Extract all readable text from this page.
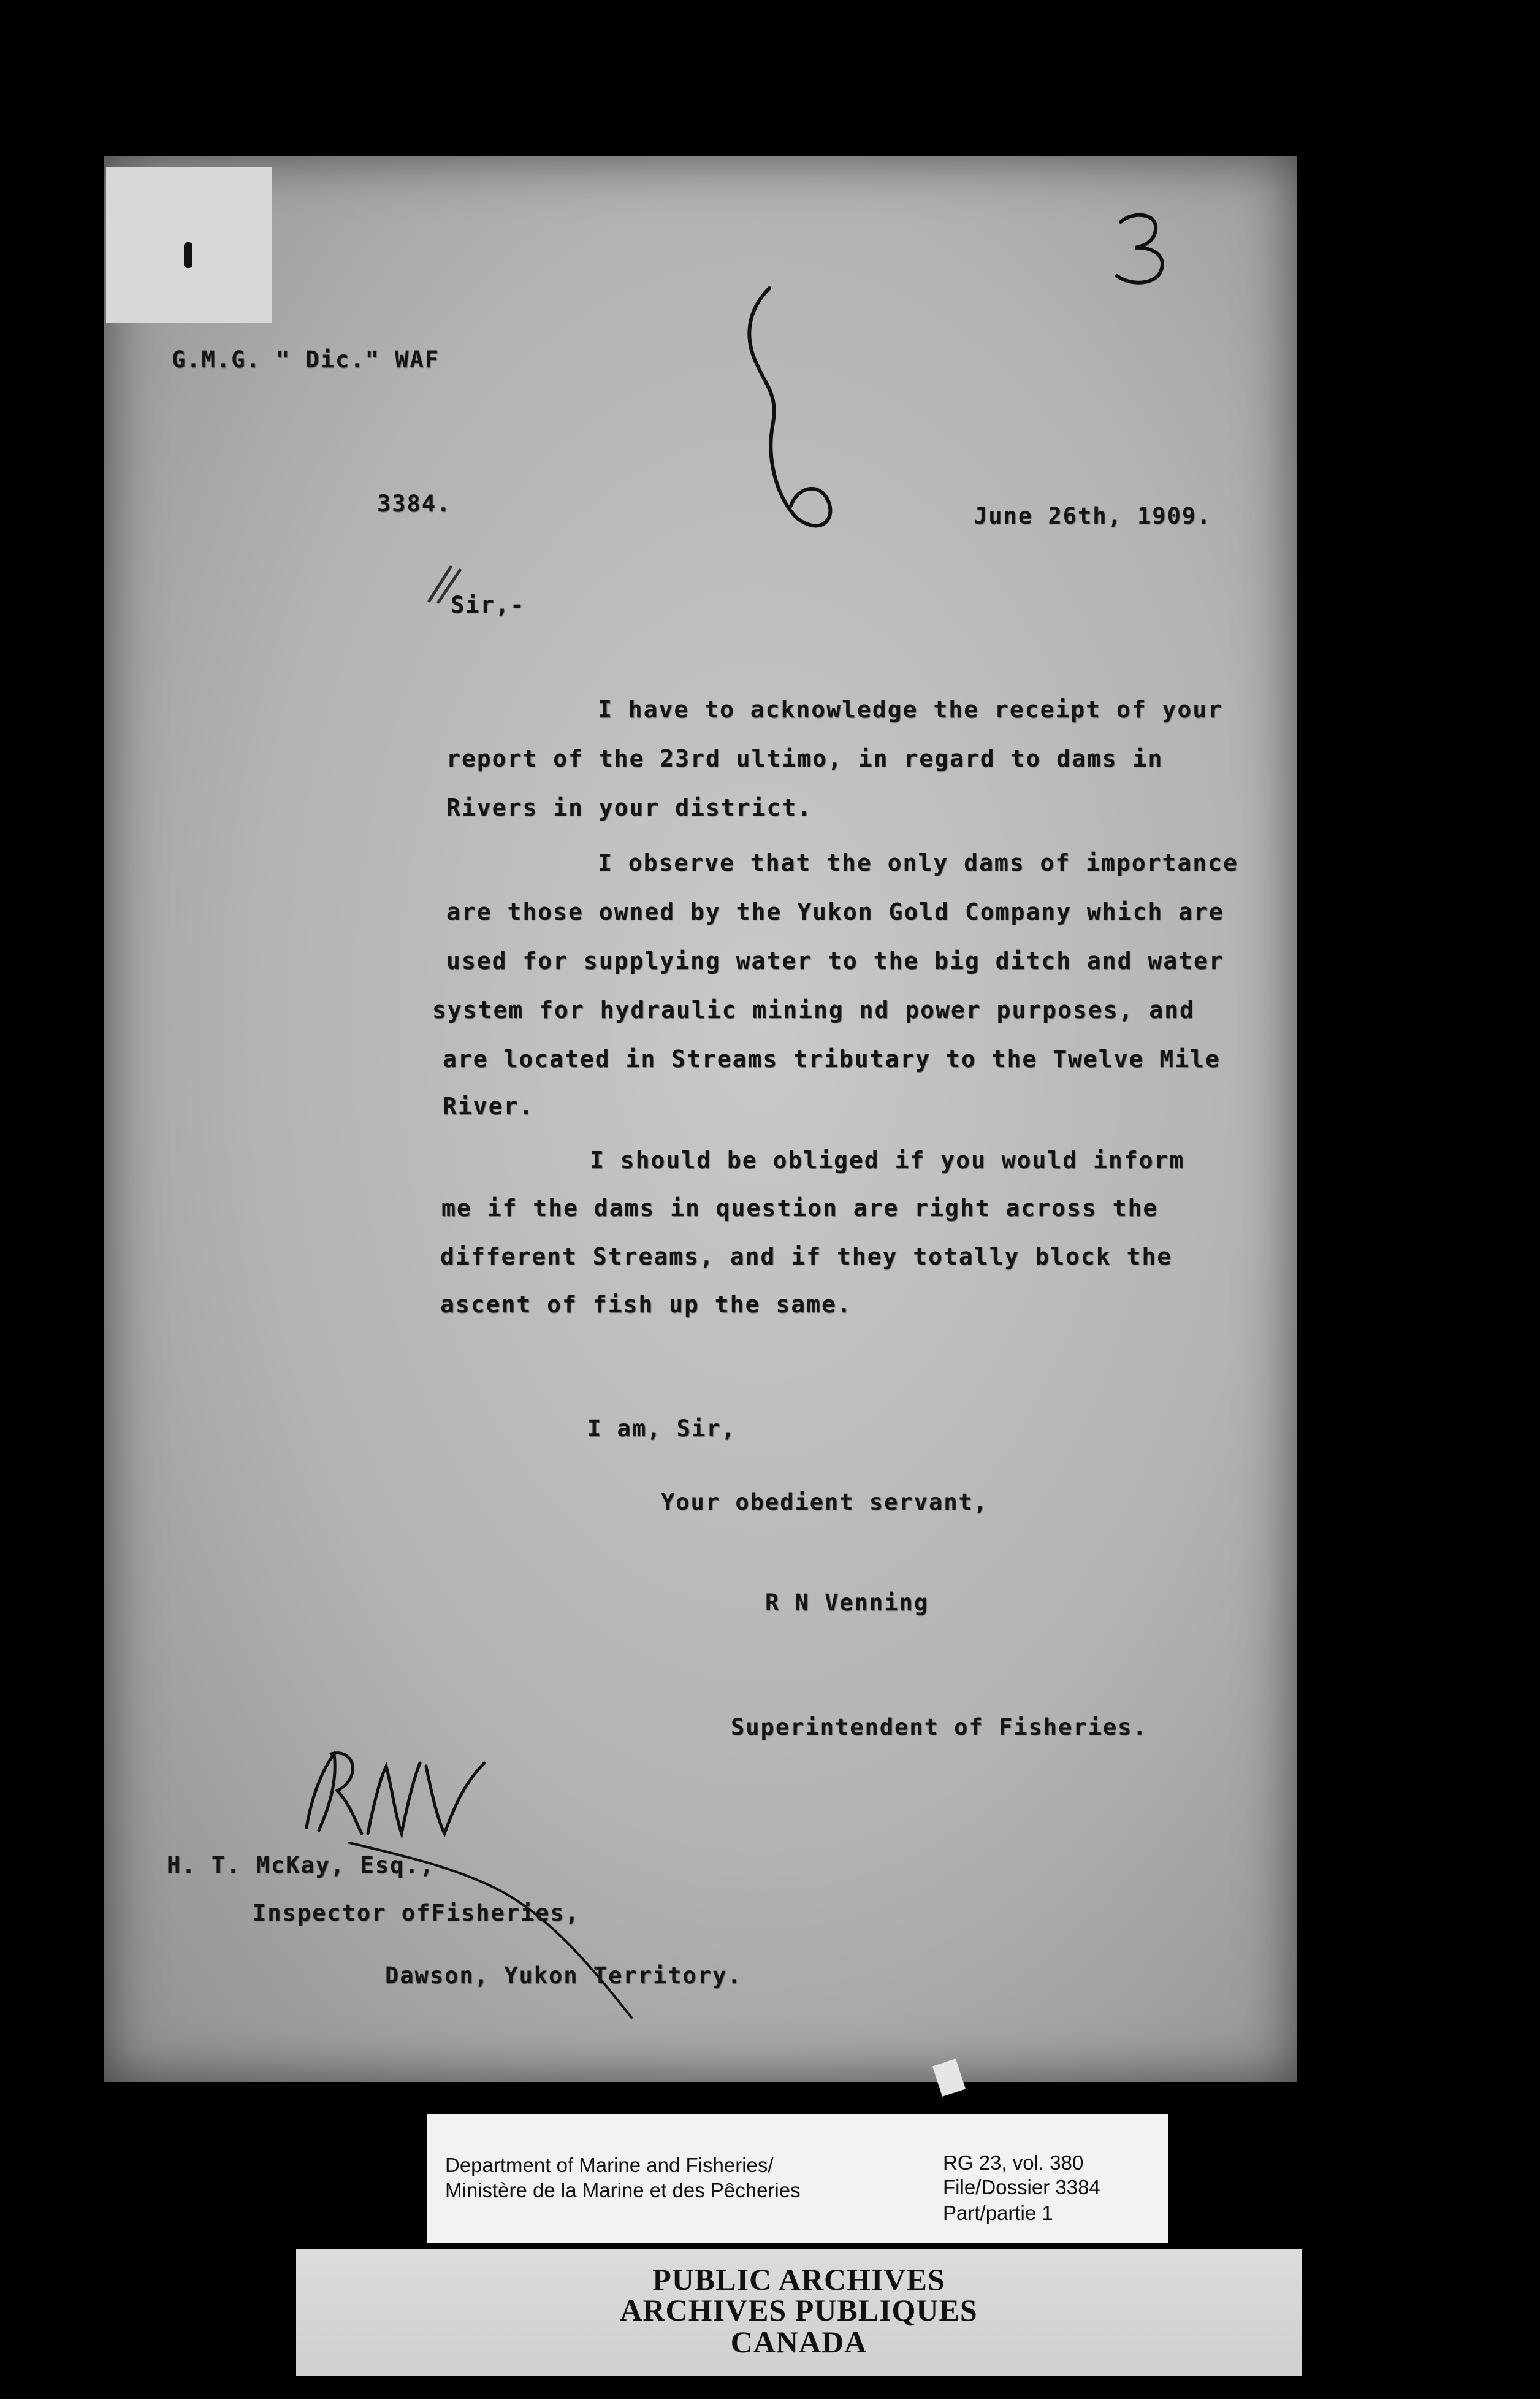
G.M.G. " Dic." WAF
3384.	June 26th, 1909.
Sir,-
I have to acknowledge the receipt of your
report of the 23rd ultimo, in regard to dams in
Rivers in your district.
I observe that the only dams of importance
are those owned by the Yukon Gold Company which are
used for supplying water to the big ditch and water
system for hydraulic mining nd power purposes, and
are located in Streams tributary to the Twelve Mile
River.
I should be obliged if you would inform
me if the dams in question are right across the
different Streams, and if they totally block the
ascent of fish up the same.
I am, Sir,
Your obedient servant,
R N Venning
Superintendent of Fisheries.
H. T. McKay, Esq.,
Inspector ofFisheries,
Dawson, Yukon Territory.
Department of Marine and Fisheries/
Ministère de la Marine et des Pêcheries
RG 23, vol. 380
File/Dossier 3384
Part/partie 1
PUBLIC ARCHIVES
ARCHIVES PUBLIQUES
CANADA
